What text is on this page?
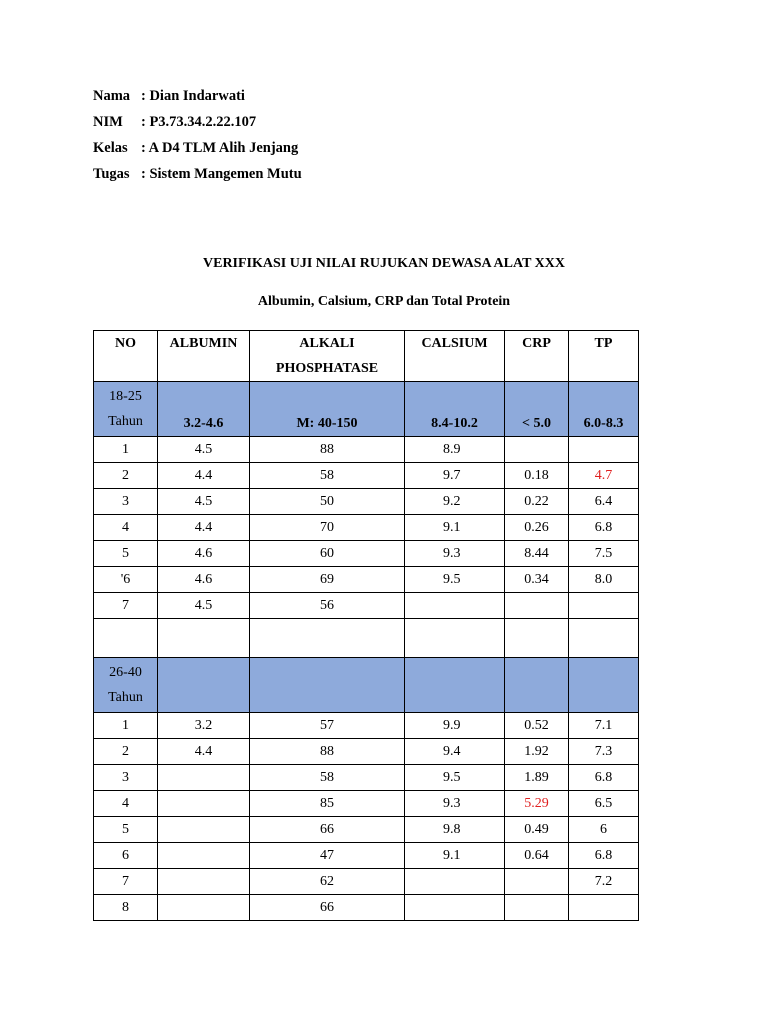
Nama : Dian Indarwati
NIM : P3.73.34.2.22.107
Kelas : A D4 TLM Alih Jenjang
Tugas : Sistem Mangemen Mutu
VERIFIKASI UJI NILAI RUJUKAN DEWASA ALAT XXX
Albumin, Calsium, CRP dan Total Protein
NO	ALBUMIN	ALKALI
PHOSPHATASE	CALSIUM	CRP	TP
18-25
Tahun	3.2-4.6	M: 40-150	8.4-10.2	< 5.0	6.0-8.3
1	4.5	88	8.9		
2	4.4	58	9.7	0.18	4.7
3	4.5	50	9.2	0.22	6.4
4	4.4	70	9.1	0.26	6.8
5	4.6	60	9.3	8.44	7.5
'6	4.6	69	9.5	0.34	8.0
7	4.5	56			

26-40
Tahun					
1	3.2	57	9.9	0.52	7.1
2	4.4	88	9.4	1.92	7.3
3		58	9.5	1.89	6.8
4		85	9.3	5.29	6.5
5		66	9.8	0.49	6
6		47	9.1	0.64	6.8
7		62			7.2
8		66			
